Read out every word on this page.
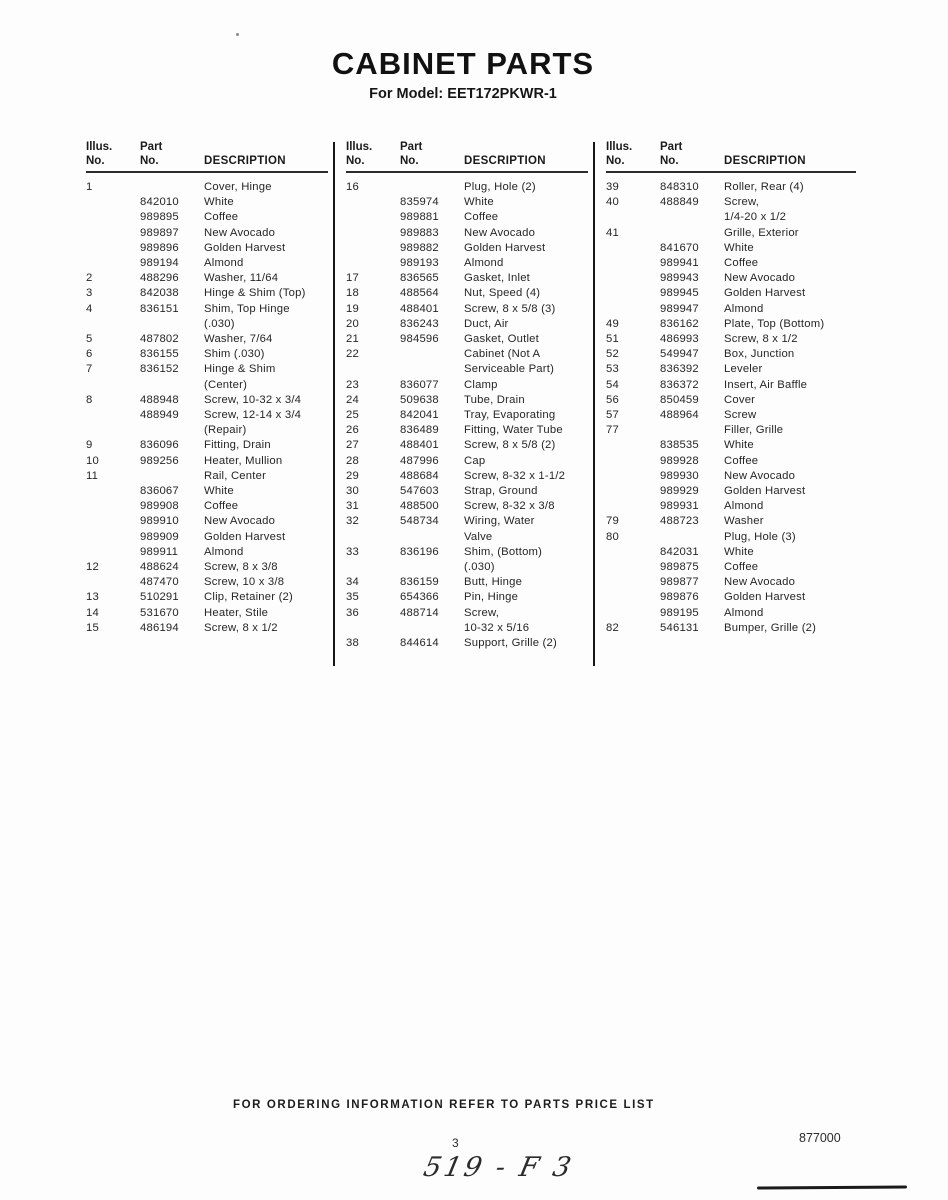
CABINET PARTS
For Model: EET172PKWR-1
Illus.
No.
Part
No.	DESCRIPTION
1	Cover, Hinge
842010	White
989895	Coffee
989897	New Avocado
989896	Golden Harvest
989194	Almond
2	488296	Washer, 11/64
3	842038	Hinge & Shim (Top)
4	836151	Shim, Top Hinge
(.030)
5	487802	Washer, 7/64
6	836155	Shim (.030)
7	836152	Hinge & Shim
(Center)
8	488948	Screw, 10-32 x 3/4
488949	Screw, 12-14 x 3/4
(Repair)
9	836096	Fitting, Drain
10	989256	Heater, Mullion
11	Rail, Center
836067	White
989908	Coffee
989910	New Avocado
989909	Golden Harvest
989911	Almond
12	488624	Screw, 8 x 3/8
487470	Screw, 10 x 3/8
13	510291	Clip, Retainer (2)
14	531670	Heater, Stile
15	486194	Screw, 8 x 1/2
Illus.
No.
Part
No.	DESCRIPTION
16	Plug, Hole (2)
835974	White
989881	Coffee
989883	New Avocado
989882	Golden Harvest
989193	Almond
17	836565	Gasket, Inlet
18	488564	Nut, Speed (4)
19	488401	Screw, 8 x 5/8 (3)
20	836243	Duct, Air
21	984596	Gasket, Outlet
22	Cabinet (Not A
Serviceable Part)
23	836077	Clamp
24	509638	Tube, Drain
25	842041	Tray, Evaporating
26	836489	Fitting, Water Tube
27	488401	Screw, 8 x 5/8 (2)
28	487996	Cap
29	488684	Screw, 8-32 x 1-1/2
30	547603	Strap, Ground
31	488500	Screw, 8-32 x 3/8
32	548734	Wiring, Water
Valve
33	836196	Shim, (Bottom)
(.030)
34	836159	Butt, Hinge
35	654366	Pin, Hinge
36	488714	Screw,
10-32 x 5/16
38	844614	Support, Grille (2)
Illus.
No.
Part
No.	DESCRIPTION
39	848310	Roller, Rear (4)
40	488849	Screw,
1/4-20 x 1/2
41	Grille, Exterior
841670	White
989941	Coffee
989943	New Avocado
989945	Golden Harvest
989947	Almond
49	836162	Plate, Top (Bottom)
51	486993	Screw, 8 x 1/2
52	549947	Box, Junction
53	836392	Leveler
54	836372	Insert, Air Baffle
56	850459	Cover
57	488964	Screw
77	Filler, Grille
838535	White
989928	Coffee
989930	New Avocado
989929	Golden Harvest
989931	Almond
79	488723	Washer
80	Plug, Hole (3)
842031	White
989875	Coffee
989877	New Avocado
989876	Golden Harvest
989195	Almond
82	546131	Bumper, Grille (2)
FOR ORDERING INFORMATION REFER TO PARTS PRICE LIST
3	877000
519 - F 3
